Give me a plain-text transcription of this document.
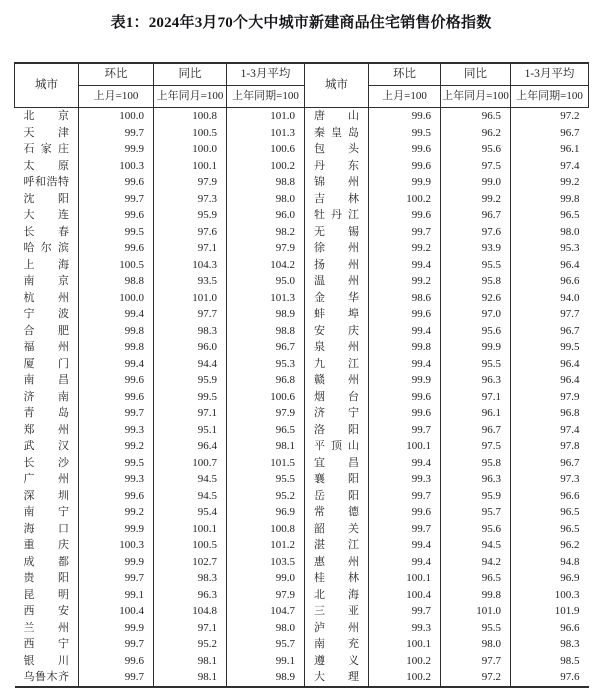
表1：2024年3月70个大中城市新建商品住宅销售价格指数
城市	环比	同比	1-3月平均	城市	环比	同比	1-3月平均
	上月=100	上年同月=100	上年同期=100		上月=100	上年同月=100	上年同期=100
北京	100.0	100.8	101.0	唐山	99.6	96.5	97.2
天津	99.7	100.5	101.3	秦皇岛	99.5	96.2	96.7
石家庄	99.9	100.0	100.6	包头	99.6	95.6	96.1
太原	100.3	100.1	100.2	丹东	99.6	97.5	97.4
呼和浩特	99.6	97.9	98.8	锦州	99.9	99.0	99.2
沈阳	99.7	97.3	98.0	吉林	100.2	99.2	99.8
大连	99.6	95.9	96.0	牡丹江	99.6	96.7	96.5
长春	99.5	97.6	98.2	无锡	99.7	97.6	98.0
哈尔滨	99.6	97.1	97.9	徐州	99.2	93.9	95.3
上海	100.5	104.3	104.2	扬州	99.4	95.5	96.4
南京	98.8	93.5	95.0	温州	99.2	95.8	96.6
杭州	100.0	101.0	101.3	金华	98.6	92.6	94.0
宁波	99.4	97.7	98.9	蚌埠	99.6	97.0	97.7
合肥	99.8	98.3	98.8	安庆	99.4	95.6	96.7
福州	99.8	96.0	96.7	泉州	99.8	99.9	99.5
厦门	99.4	94.4	95.3	九江	99.4	95.5	96.4
南昌	99.6	95.9	96.8	赣州	99.9	96.3	96.4
济南	99.6	99.5	100.6	烟台	99.6	97.1	97.9
青岛	99.7	97.1	97.9	济宁	99.6	96.1	96.8
郑州	99.3	95.1	96.5	洛阳	99.7	96.7	97.4
武汉	99.2	96.4	98.1	平顶山	100.1	97.5	97.8
长沙	99.5	100.7	101.5	宜昌	99.4	95.8	96.7
广州	99.3	94.5	95.5	襄阳	99.3	96.3	97.3
深圳	99.6	94.5	95.2	岳阳	99.7	95.9	96.6
南宁	99.2	95.4	96.9	常德	99.6	95.7	96.5
海口	99.9	100.1	100.8	韶关	99.7	95.6	96.5
重庆	100.3	100.5	101.2	湛江	99.4	94.5	96.2
成都	99.9	102.7	103.5	惠州	99.4	94.2	94.8
贵阳	99.7	98.3	99.0	桂林	100.1	96.5	96.9
昆明	99.1	96.3	97.9	北海	100.4	99.8	100.3
西安	100.4	104.8	104.7	三亚	99.7	101.0	101.9
兰州	99.9	97.1	98.0	泸州	99.3	95.5	96.6
西宁	99.7	95.2	95.7	南充	100.1	98.0	98.3
银川	99.6	98.1	99.1	遵义	100.2	97.7	98.5
乌鲁木齐	99.7	98.1	98.9	大理	100.2	97.2	97.6
